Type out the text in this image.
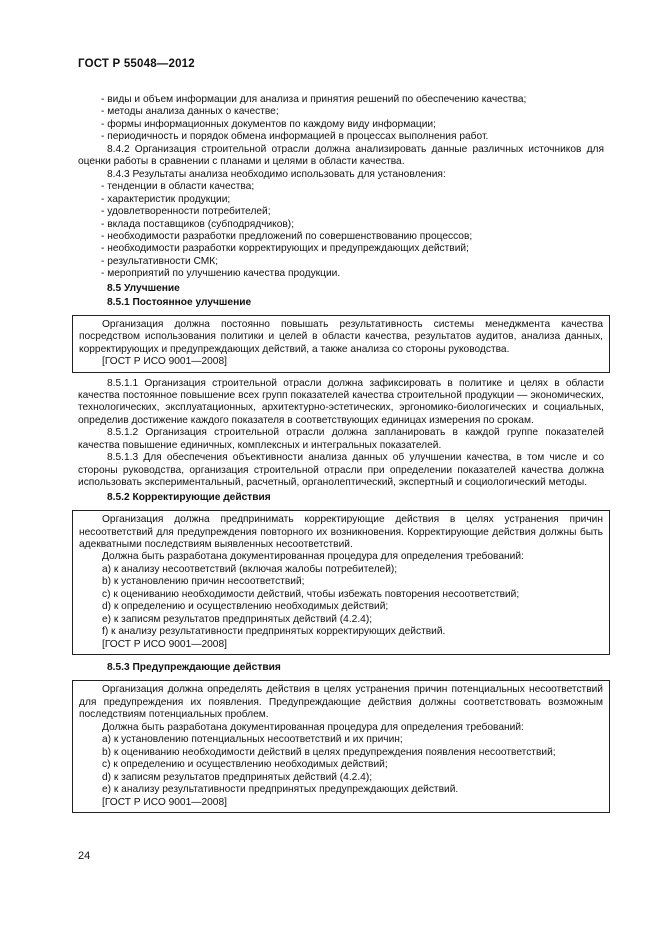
ГОСТ Р 55048—2012

- виды и объем информации для анализа и принятия решений по обеспечению качества;

- методы анализа данных о качестве;

- формы информационных документов по каждому виду информации;

- периодичность и порядок обмена информацией в процессах выполнения работ.

8.4.2 Организация строительной отрасли должна анализировать данные различных источников для оценки работы в сравнении с планами и целями в области качества.

8.4.3 Результаты анализа необходимо использовать для установления:

- тенденции в области качества;

- характеристик продукции;

- удовлетворенности потребителей;

- вклада поставщиков (субподрядчиков);

- необходимости разработки предложений по совершенствованию процессов;

- необходимости разработки корректирующих и предупреждающих действий;

- результативности СМК;

- мероприятий по улучшению качества продукции.

8.5 Улучшение

8.5.1 Постоянное улучшение

Организация должна постоянно повышать результативность системы менеджмента качества посредством использования политики и целей в области качества, результатов аудитов, анализа данных, корректирующих и предупреждающих действий, а также анализа со стороны руководства.

[ГОСТ Р ИСО 9001—2008]

8.5.1.1 Организация строительной отрасли должна зафиксировать в политике и целях в области качества постоянное повышение всех групп показателей качества строительной продукции — экономических, технологических, эксплуатационных, архитектурно-эстетических, эргономико-биологических и социальных, определив достижение каждого показателя в соответствующих единицах измерения по срокам.

8.5.1.2 Организация строительной отрасли должна запланировать в каждой группе показателей качества повышение единичных, комплексных и интегральных показателей.

8.5.1.3 Для обеспечения объективности анализа данных об улучшении качества, в том числе и со стороны руководства, организация строительной отрасли при определении показателей качества должна использовать экспериментальный, расчетный, органолептический, экспертный и социологический методы.

8.5.2 Корректирующие действия

Организация должна предпринимать корректирующие действия в целях устранения причин несоответствий для предупреждения повторного их возникновения. Корректирующие действия должны быть адекватными последствиям выявленных несоответствий.

Должна быть разработана документированная процедура для определения требований:

а) к анализу несоответствий (включая жалобы потребителей);

b) к установлению причин несоответствий;

c) к оцениванию необходимости действий, чтобы избежать повторения несоответствий;

d) к определению и осуществлению необходимых действий;

e) к записям результатов предпринятых действий (4.2.4);

f) к анализу результативности предпринятых корректирующих действий.

[ГОСТ Р ИСО 9001—2008]

8.5.3 Предупреждающие действия

Организация должна определять действия в целях устранения причин потенциальных несоответствий для предупреждения их появления. Предупреждающие действия должны соответствовать возможным последствиям потенциальных проблем.

Должна быть разработана документированная процедура для определения требований:

а) к установлению потенциальных несоответствий и их причин;

b) к оцениванию необходимости действий в целях предупреждения появления несоответствий;

c) к определению и осуществлению необходимых действий;

d) к записям результатов предпринятых действий (4.2.4);

e) к анализу результативности предпринятых предупреждающих действий.

[ГОСТ Р ИСО 9001—2008]

24
